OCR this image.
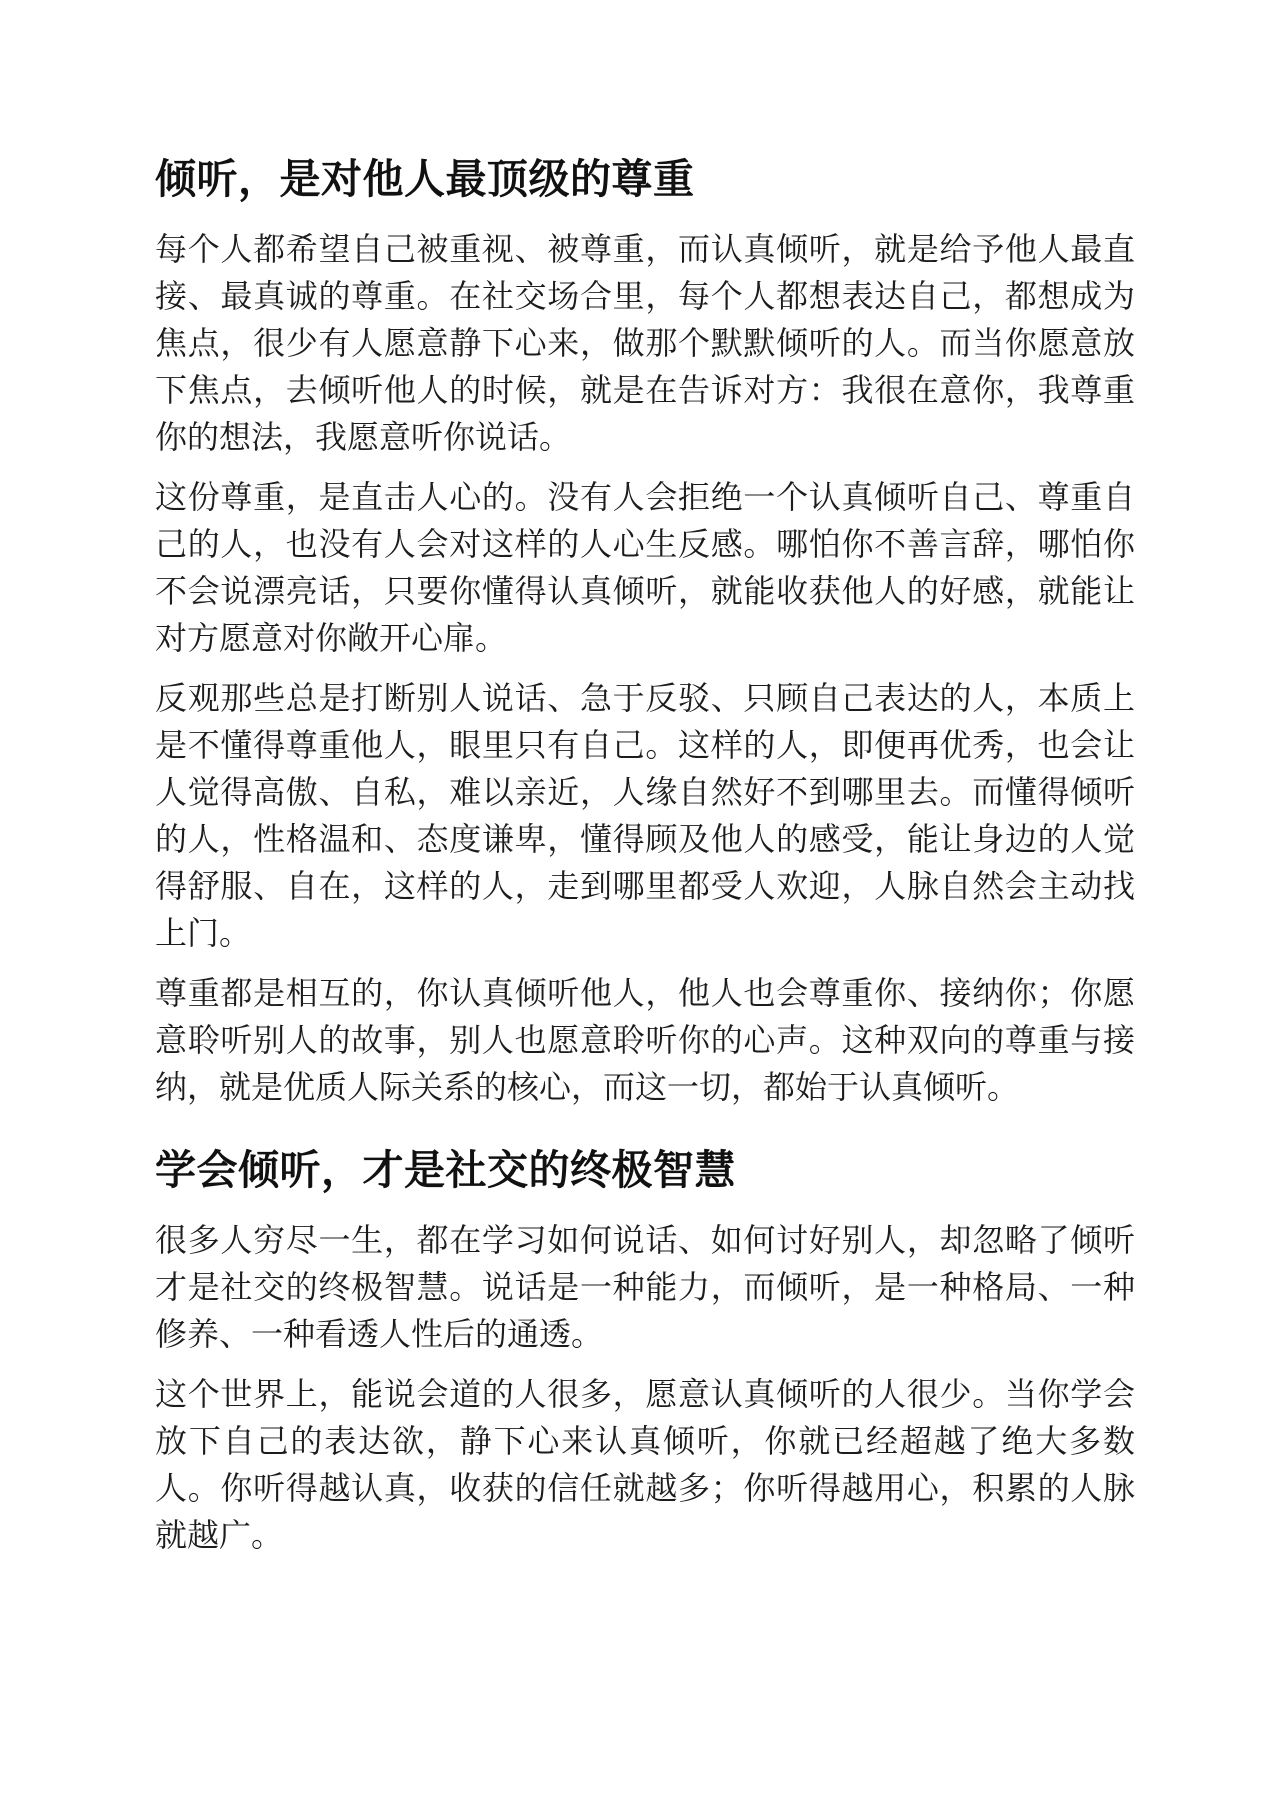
倾听，是对他人最顶级的尊重

每个人都希望自己被重视、被尊重，而认真倾听，就是给予他人最直接、最真诚的尊重。在社交场合里，每个人都想表达自己，都想成为焦点，很少有人愿意静下心来，做那个默默倾听的人。而当你愿意放下焦点，去倾听他人的时候，就是在告诉对方：我很在意你，我尊重你的想法，我愿意听你说话。

这份尊重，是直击人心的。没有人会拒绝一个认真倾听自己、尊重自己的人，也没有人会对这样的人心生反感。哪怕你不善言辞，哪怕你不会说漂亮话，只要你懂得认真倾听，就能收获他人的好感，就能让对方愿意对你敞开心扉。

反观那些总是打断别人说话、急于反驳、只顾自己表达的人，本质上是不懂得尊重他人，眼里只有自己。这样的人，即便再优秀，也会让人觉得高傲、自私，难以亲近，人缘自然好不到哪里去。而懂得倾听的人，性格温和、态度谦卑，懂得顾及他人的感受，能让身边的人觉得舒服、自在，这样的人，走到哪里都受人欢迎，人脉自然会主动找上门。

尊重都是相互的，你认真倾听他人，他人也会尊重你、接纳你；你愿意聆听别人的故事，别人也愿意聆听你的心声。这种双向的尊重与接纳，就是优质人际关系的核心，而这一切，都始于认真倾听。

学会倾听，才是社交的终极智慧

很多人穷尽一生，都在学习如何说话、如何讨好别人，却忽略了倾听才是社交的终极智慧。说话是一种能力，而倾听，是一种格局、一种修养、一种看透人性后的通透。

这个世界上，能说会道的人很多，愿意认真倾听的人很少。当你学会放下自己的表达欲，静下心来认真倾听，你就已经超越了绝大多数人。你听得越认真，收获的信任就越多；你听得越用心，积累的人脉就越广。
